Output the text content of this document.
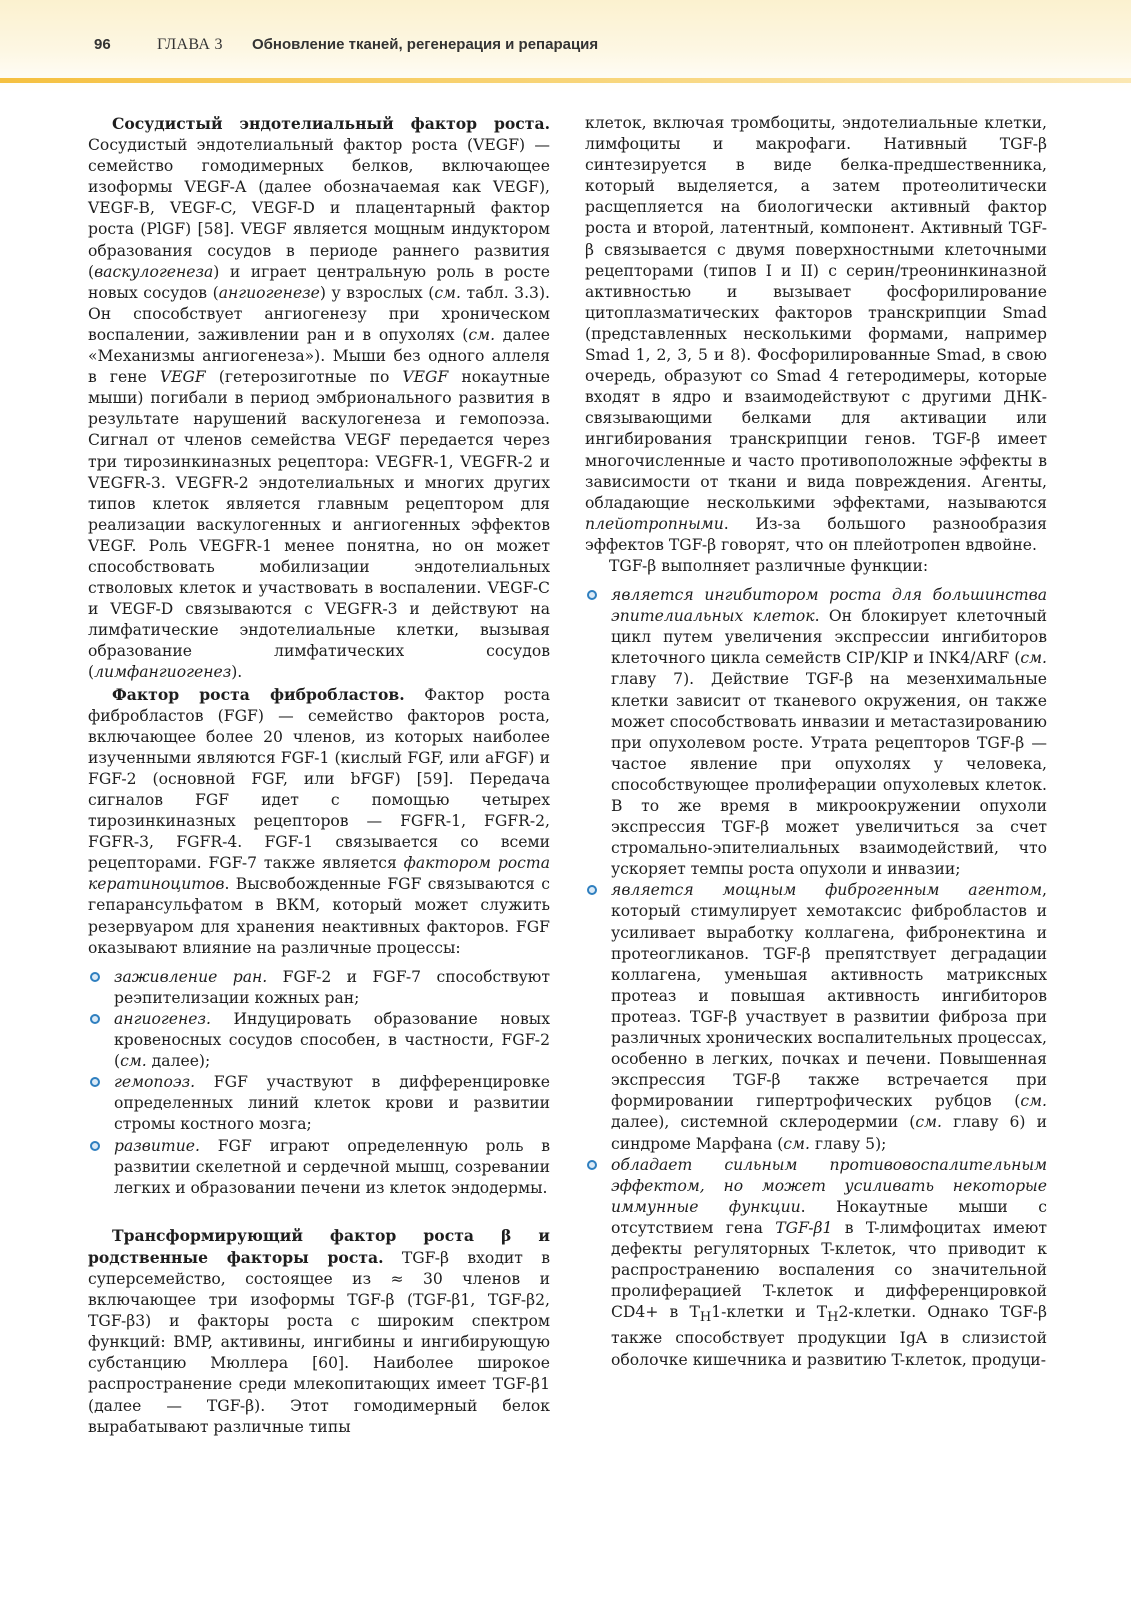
96	ГЛАВА 3 Обновление тканей, регенерация и репарация

Сосудистый эндотелиальный фактор роста. Сосудистый эндотелиальный фактор роста (VEGF) — семейство гомодимерных белков, включающее изоформы VEGF-A (далее обозначаемая как VEGF), VEGF-B, VEGF-C, VEGF-D и плацентарный фактор роста (PlGF) [58]. VEGF является мощным индуктором образования сосудов в периоде раннего развития (васкулогенеза) и играет центральную роль в росте новых сосудов (ангиогенезе) у взрослых (см. табл. 3.3). Он способствует ангиогенезу при хроническом воспалении, заживлении ран и в опухолях (см. далее «Механизмы ангиогенеза»). Мыши без одного аллеля в гене VEGF (гетерозиготные по VEGF нокаутные мыши) погибали в период эмбрионального развития в результате нарушений васкулогенеза и гемопоэза. Сигнал от членов семейства VEGF передается через три тирозинкиназных рецептора: VEGFR-1, VEGFR-2 и VEGFR-3. VEGFR-2 эндотелиальных и многих других типов клеток является главным рецептором для реализации васкулогенных и ангиогенных эффектов VEGF. Роль VEGFR-1 менее понятна, но он может способствовать мобилизации эндотелиальных стволовых клеток и участвовать в воспалении. VEGF-C и VEGF-D связываются с VEGFR-3 и действуют на лимфатические эндотелиальные клетки, вызывая образование лимфатических сосудов (лимфангиогенез).

Фактор роста фибробластов. Фактор роста фибробластов (FGF) — семейство факторов роста, включающее более 20 членов, из которых наиболее изученными являются FGF-1 (кислый FGF, или aFGF) и FGF-2 (основной FGF, или bFGF) [59]. Передача сигналов FGF идет с помощью четырех тирозинкиназных рецепторов — FGFR-1, FGFR-2, FGFR-3, FGFR-4. FGF-1 связывается со всеми рецепторами. FGF-7 также является фактором роста кератиноцитов. Высвобожденные FGF связываются с гепарансульфатом в ВКМ, который может служить резервуаром для хранения неактивных факторов. FGF оказывают влияние на различные процессы:

заживление ран. FGF-2 и FGF-7 способствуют реэпителизации кожных ран;
ангиогенез. Индуцировать образование новых кровеносных сосудов способен, в частности, FGF-2 (см. далее);
гемопоэз. FGF участвуют в дифференцировке определенных линий клеток крови и развитии стромы костного мозга;
развитие. FGF играют определенную роль в развитии скелетной и сердечной мышц, созревании легких и образовании печени из клеток эндодермы.

Трансформирующий фактор роста β и родственные факторы роста. TGF-β входит в суперсемейство, состоящее из ≈ 30 членов и включающее три изоформы TGF-β (TGF-β1, TGF-β2, TGF-β3) и факторы роста с широким спектром функций: BMP, активины, ингибины и ингибирующую субстанцию Мюллера [60]. Наиболее широкое распространение среди млекопитающих имеет TGF-β1 (далее — TGF-β). Этот гомодимерный белок вырабатывают различные типы

клеток, включая тромбоциты, эндотелиальные клетки, лимфоциты и макрофаги. Нативный TGF-β синтезируется в виде белка-предшественника, который выделяется, а затем протеолитически расщепляется на биологически активный фактор роста и второй, латентный, компонент. Активный TGF-β связывается с двумя поверхностными клеточными рецепторами (типов I и II) с серин/треонинкиназной активностью и вызывает фосфорилирование цитоплазматических факторов транскрипции Smad (представленных несколькими формами, например Smad 1, 2, 3, 5 и 8). Фосфорилированные Smad, в свою очередь, образуют со Smad 4 гетеродимеры, которые входят в ядро и взаимодействуют с другими ДНК-связывающими белками для активации или ингибирования транскрипции генов. TGF-β имеет многочисленные и часто противоположные эффекты в зависимости от ткани и вида повреждения. Агенты, обладающие несколькими эффектами, называются плейотропными. Из-за большого разнообразия эффектов TGF-β говорят, что он плейотропен вдвойне.

TGF-β выполняет различные функции:

является ингибитором роста для большинства эпителиальных клеток. Он блокирует клеточный цикл путем увеличения экспрессии ингибиторов клеточного цикла семейств CIP/KIP и INK4/ARF (см. главу 7). Действие TGF-β на мезенхимальные клетки зависит от тканевого окружения, он также может способствовать инвазии и метастазированию при опухолевом росте. Утрата рецепторов TGF-β — частое явление при опухолях у человека, способствующее пролиферации опухолевых клеток. В то же время в микроокружении опухоли экспрессия TGF-β может увеличиться за счет стромально-эпителиальных взаимодействий, что ускоряет темпы роста опухоли и инвазии;
является мощным фиброгенным агентом, который стимулирует хемотаксис фибробластов и усиливает выработку коллагена, фибронектина и протеогликанов. TGF-β препятствует деградации коллагена, уменьшая активность матриксных протеаз и повышая активность ингибиторов протеаз. TGF-β участвует в развитии фиброза при различных хронических воспалительных процессах, особенно в легких, почках и печени. Повышенная экспрессия TGF-β также встречается при формировании гипертрофических рубцов (см. далее), системной склеродермии (см. главу 6) и синдроме Марфана (см. главу 5);
обладает сильным противовоспалительным эффектом, но может усиливать некоторые иммунные функции. Нокаутные мыши с отсутствием гена TGF-β1 в T-лимфоцитах имеют дефекты регуляторных T-клеток, что приводит к распространению воспаления со значительной пролиферацией T-клеток и дифференцировкой CD4+ в $T_H1$-клетки и $T_H2$-клетки. Однако TGF-β также способствует продукции IgA в слизистой оболочке кишечника и развитию T-клеток, продуци-
